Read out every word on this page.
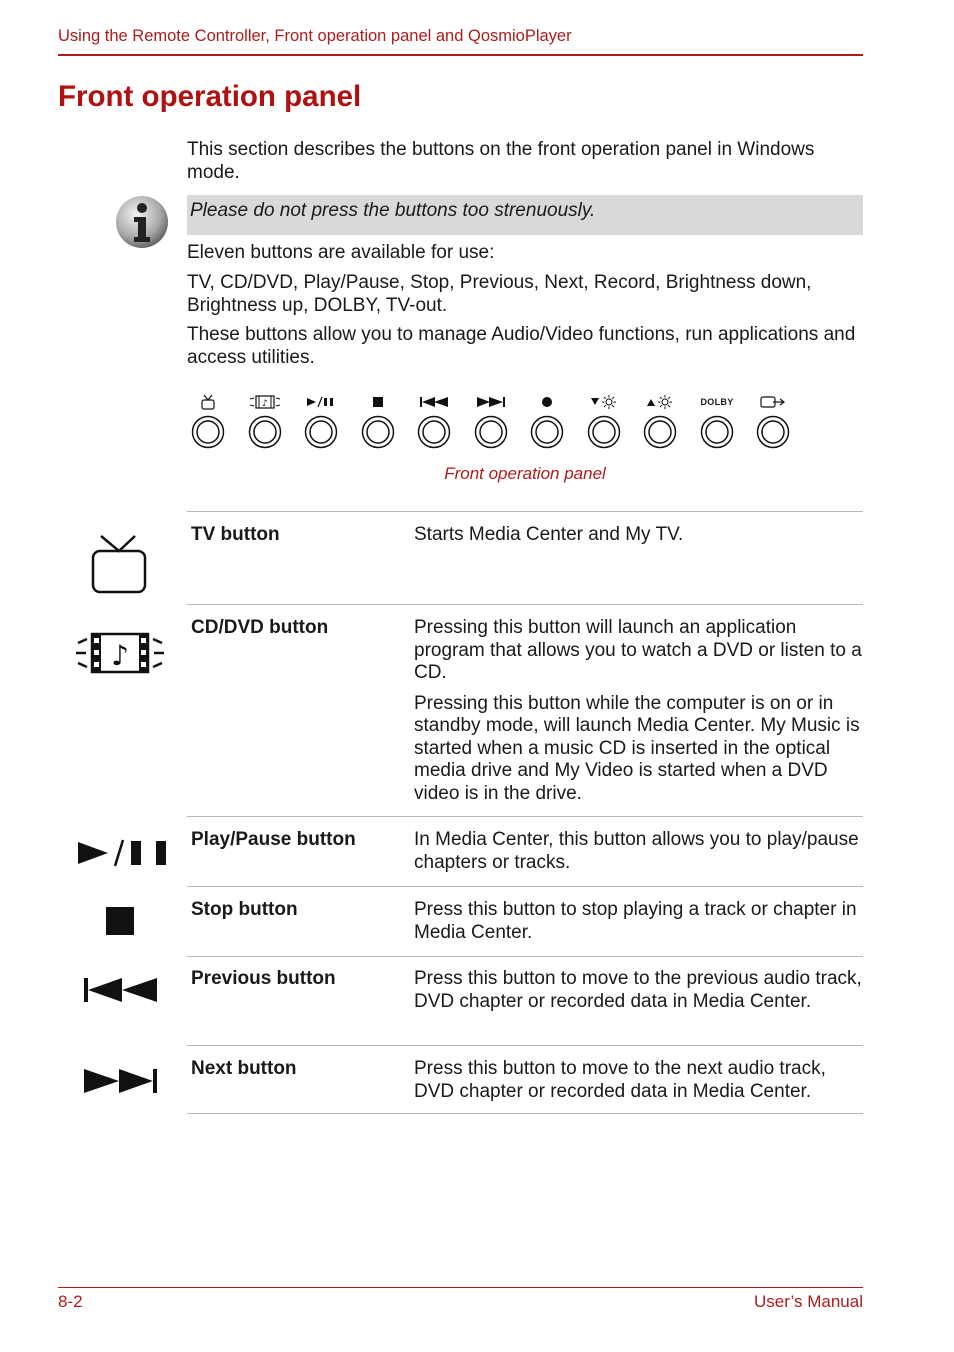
Using the Remote Controller, Front operation panel and QosmioPlayer
Front operation panel
This section describes the buttons on the front operation panel in Windows mode.
Please do not press the buttons too strenuously.
Eleven buttons are available for use:
TV, CD/DVD, Play/Pause, Stop, Previous, Next, Record, Brightness down, Brightness up, DOLBY, TV-out.
These buttons allow you to manage Audio/Video functions, run applications and access utilities.
♪	DOLBY
Front operation panel
TV button	Starts Media Center and My TV.

♪
CD/DVD button	Pressing this button will launch an application program that allows you to watch a DVD or listen to a CD.

Pressing this button while the computer is on or in standby mode, will launch Media Center. My Music is started when a music CD is inserted in the optical media drive and My Video is started when a DVD video is in the drive.

Play/Pause button	In Media Center, this button allows you to play/pause chapters or tracks.

Stop button	Press this button to stop playing a track or chapter in Media Center.

Previous button	Press this button to move to the previous audio track, DVD chapter or recorded data in Media Center.

Next button	Press this button to move to the next audio track, DVD chapter or recorded data in Media Center.

8-2	User’s Manual
